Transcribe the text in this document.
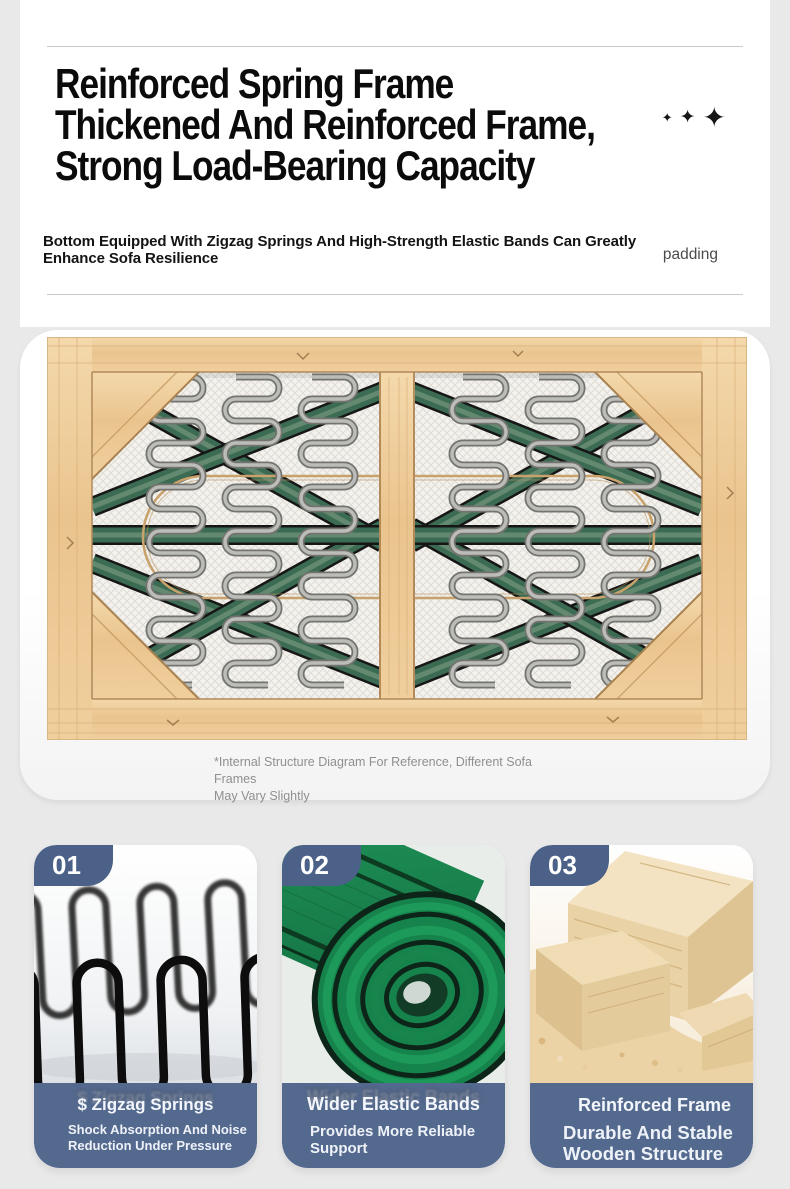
Reinforced Spring Frame
Thickened And Reinforced Frame,
Strong Load-Bearing Capacity
✦ ✦ ✦

Bottom Equipped With Zigzag Springs And High-Strength Elastic Bands Can Greatly
Enhance Sofa Resilience	padding
*Internal Structure Diagram For Reference, Different Sofa Frames
May Vary Slightly
01
$ Zigzag Springs
Shock Absorption And Noise
Reduction Under Pressure
02
Wider Elastic Bands
Provides More Reliable
Support
03
Reinforced Frame
Durable And Stable
Wooden Structure
